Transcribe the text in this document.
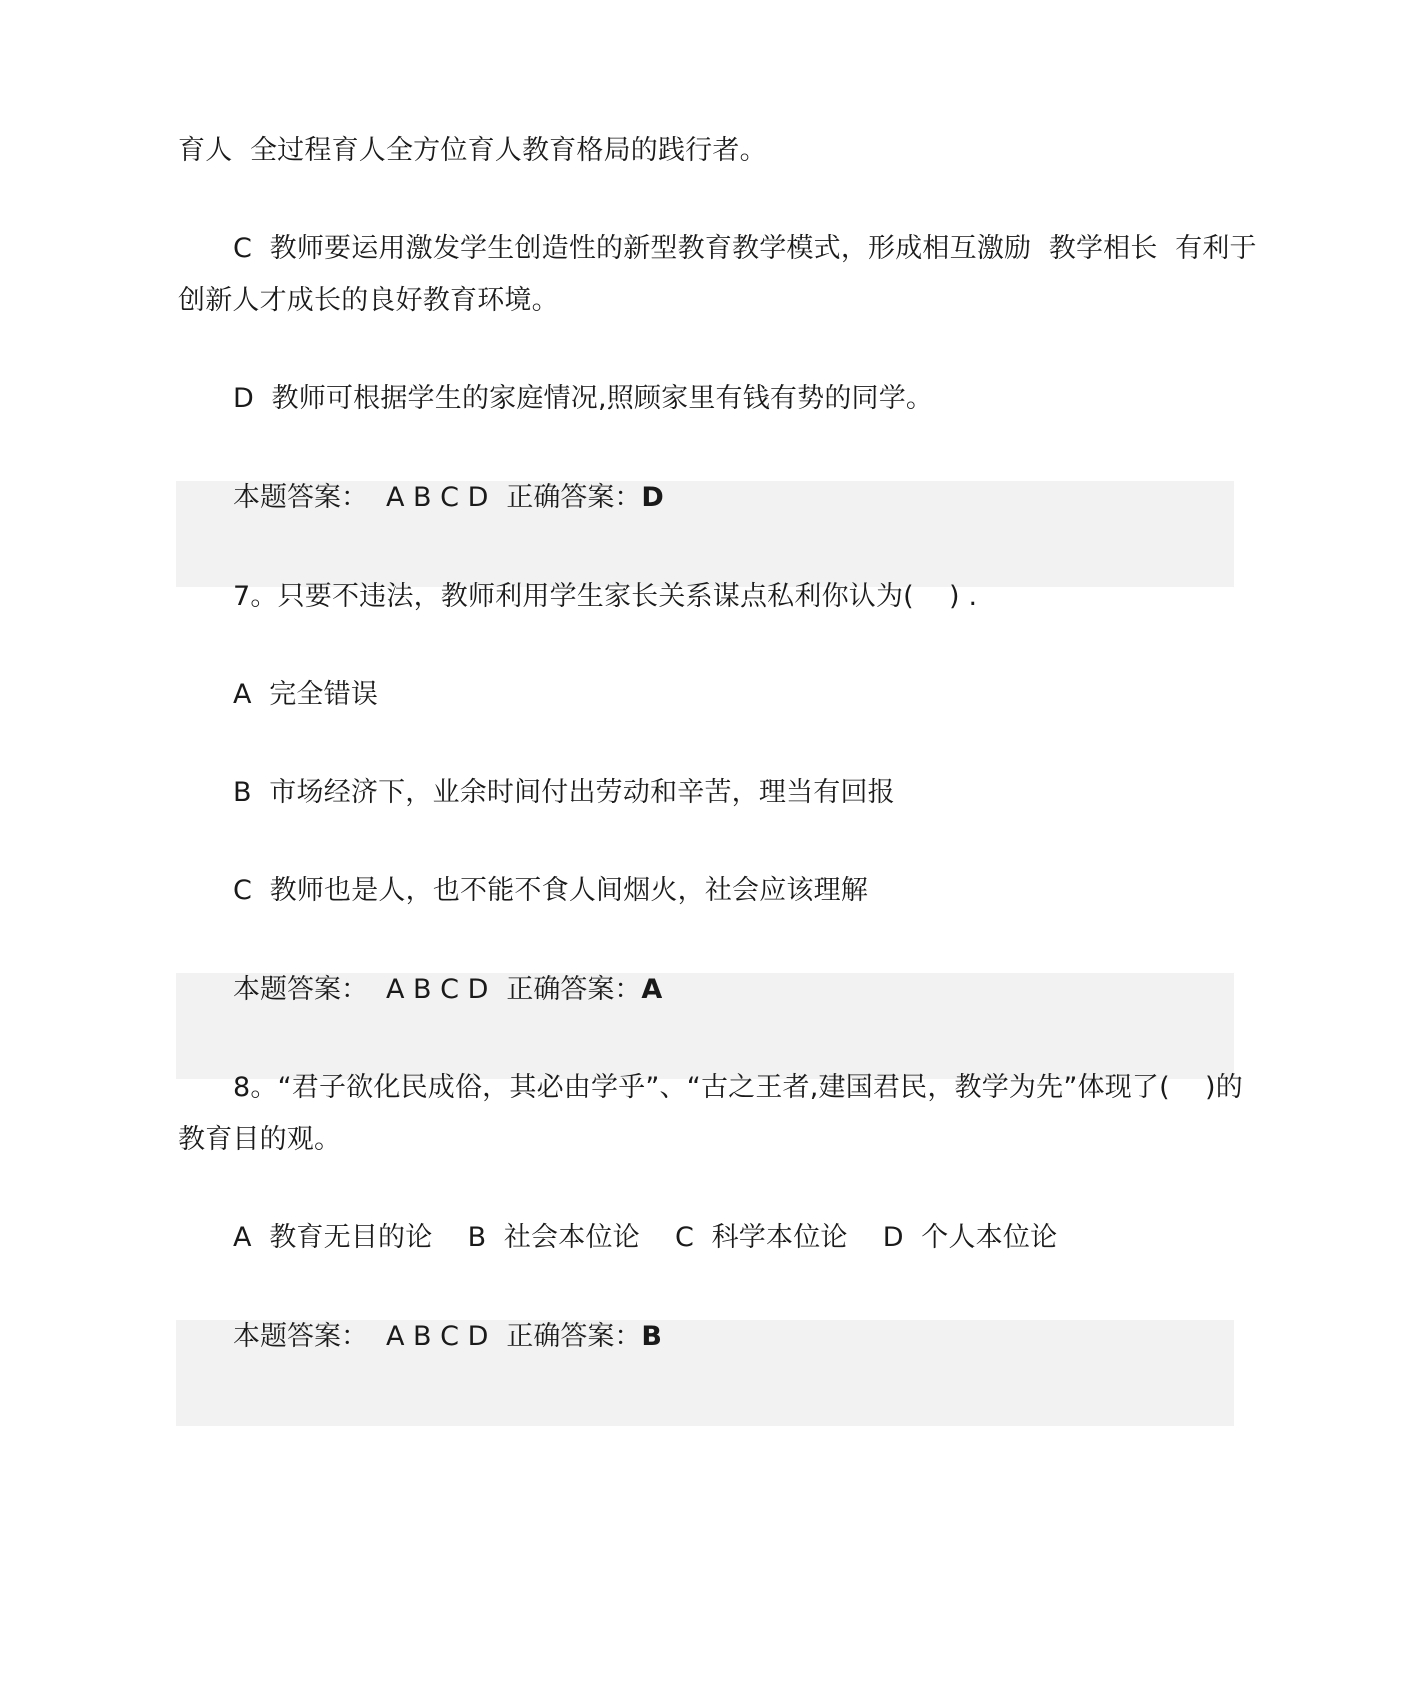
育人  全过程育人全方位育人教育格局的践行者。
C  教师要运用激发学生创造性的新型教育教学模式，形成相互激励  教学相长  有利于
创新人才成长的良好教育环境。
D  教师可根据学生的家庭情况,照顾家里有钱有势的同学。
本题答案： A B C D 正确答案：D
7。只要不违法，教师利用学生家长关系谋点私利你认为(    ) .
A  完全错误
B  市场经济下，业余时间付出劳动和辛苦，理当有回报
C  教师也是人，也不能不食人间烟火，社会应该理解
本题答案： A B C D 正确答案：A
8。“君子欲化民成俗，其必由学乎”、“古之王者,建国君民，教学为先”体现了(    )的
教育目的观。
A  教育无目的论    B  社会本位论    C  科学本位论    D  个人本位论
本题答案： A B C D 正确答案：B
